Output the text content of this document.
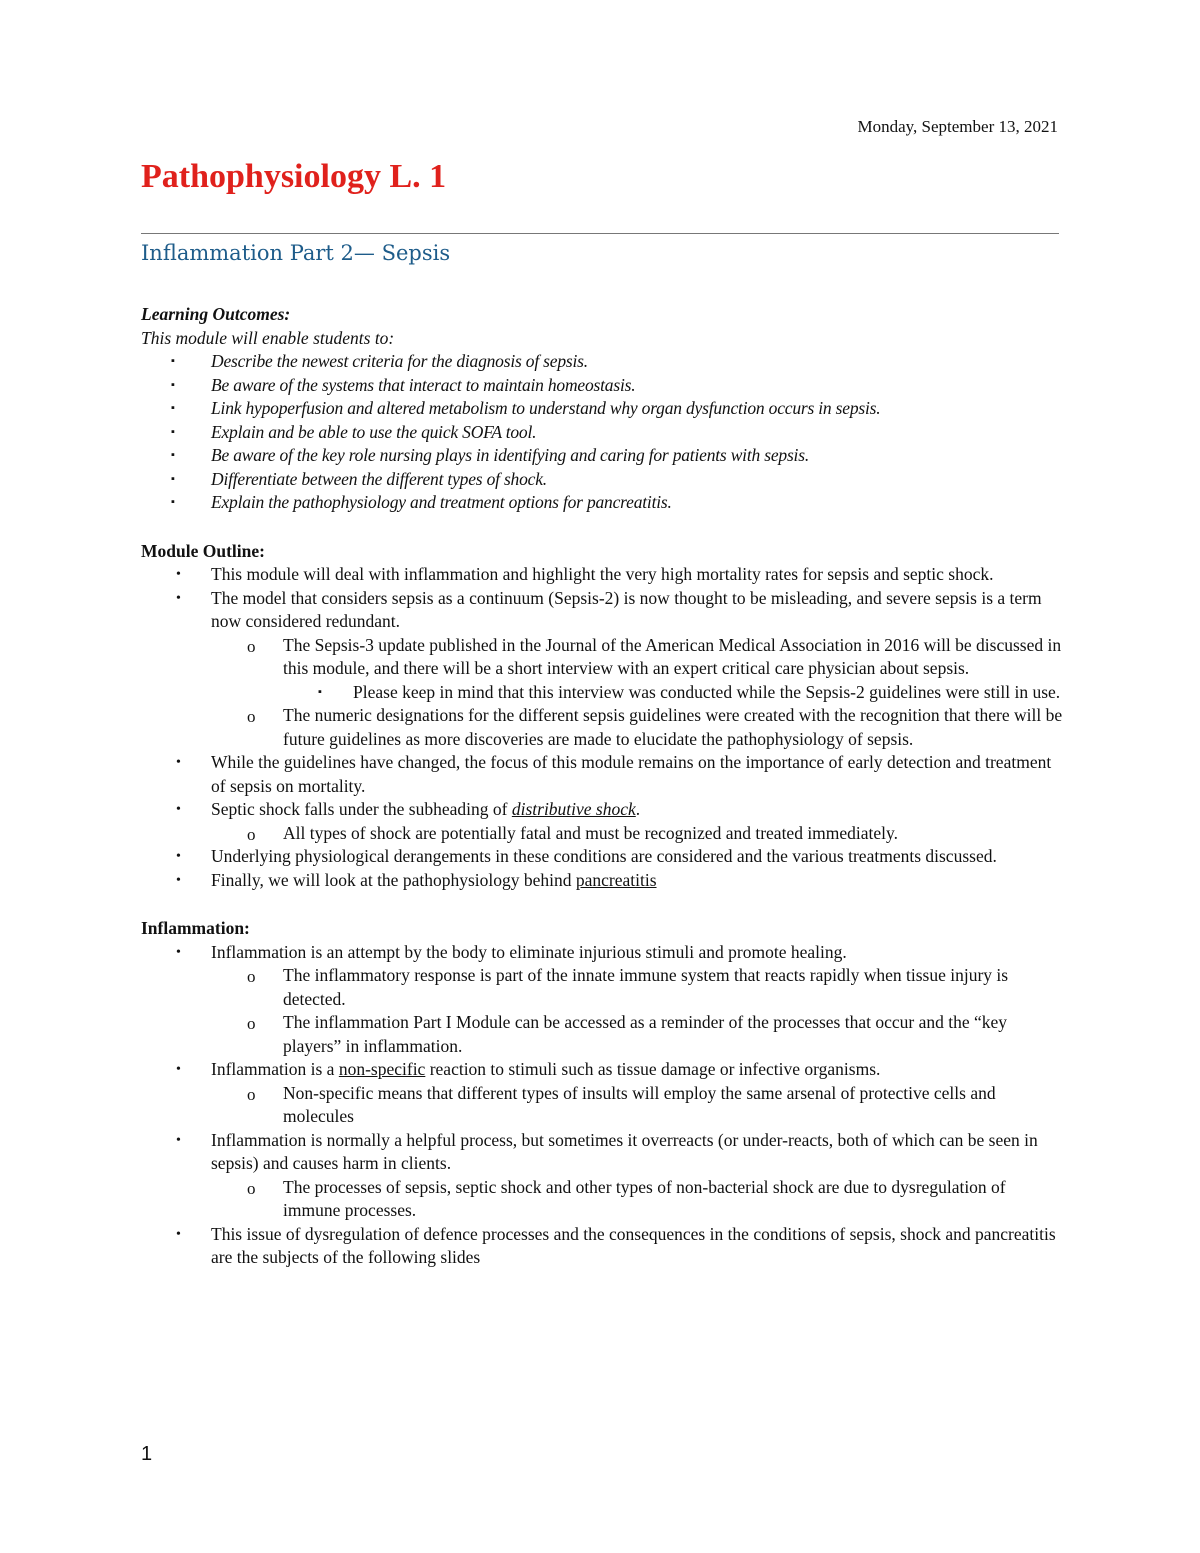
Monday, September 13, 2021
Pathophysiology L. 1
Inflammation Part 2— Sepsis
Learning Outcomes:
This module will enable students to:
▪ Describe the newest criteria for the diagnosis of sepsis.
▪ Be aware of the systems that interact to maintain homeostasis.
▪ Link hypoperfusion and altered metabolism to understand why organ dysfunction occurs in sepsis.
▪ Explain and be able to use the quick SOFA tool.
▪ Be aware of the key role nursing plays in identifying and caring for patients with sepsis.
▪ Differentiate between the different types of shock.
▪ Explain the pathophysiology and treatment options for pancreatitis.
Module Outline:
• This module will deal with inflammation and highlight the very high mortality rates for sepsis and septic shock.
• The model that considers sepsis as a continuum (Sepsis-2) is now thought to be misleading, and severe sepsis is a term now considered redundant.
o The Sepsis-3 update published in the Journal of the American Medical Association in 2016 will be discussed in this module, and there will be a short interview with an expert critical care physician about sepsis.
▪ Please keep in mind that this interview was conducted while the Sepsis-2 guidelines were still in use.
o The numeric designations for the different sepsis guidelines were created with the recognition that there will be future guidelines as more discoveries are made to elucidate the pathophysiology of sepsis.
• While the guidelines have changed, the focus of this module remains on the importance of early detection and treatment of sepsis on mortality.
• Septic shock falls under the subheading of distributive shock.
o All types of shock are potentially fatal and must be recognized and treated immediately.
• Underlying physiological derangements in these conditions are considered and the various treatments discussed.
• Finally, we will look at the pathophysiology behind pancreatitis
Inflammation:
• Inflammation is an attempt by the body to eliminate injurious stimuli and promote healing.
o The inflammatory response is part of the innate immune system that reacts rapidly when tissue injury is detected.
o The inflammation Part I Module can be accessed as a reminder of the processes that occur and the “key players” in inflammation.
• Inflammation is a non-specific reaction to stimuli such as tissue damage or infective organisms.
o Non-specific means that different types of insults will employ the same arsenal of protective cells and molecules
• Inflammation is normally a helpful process, but sometimes it overreacts (or under-reacts, both of which can be seen in sepsis) and causes harm in clients.
o The processes of sepsis, septic shock and other types of non-bacterial shock are due to dysregulation of immune processes.
• This issue of dysregulation of defence processes and the consequences in the conditions of sepsis, shock and pancreatitis are the subjects of the following slides
1
